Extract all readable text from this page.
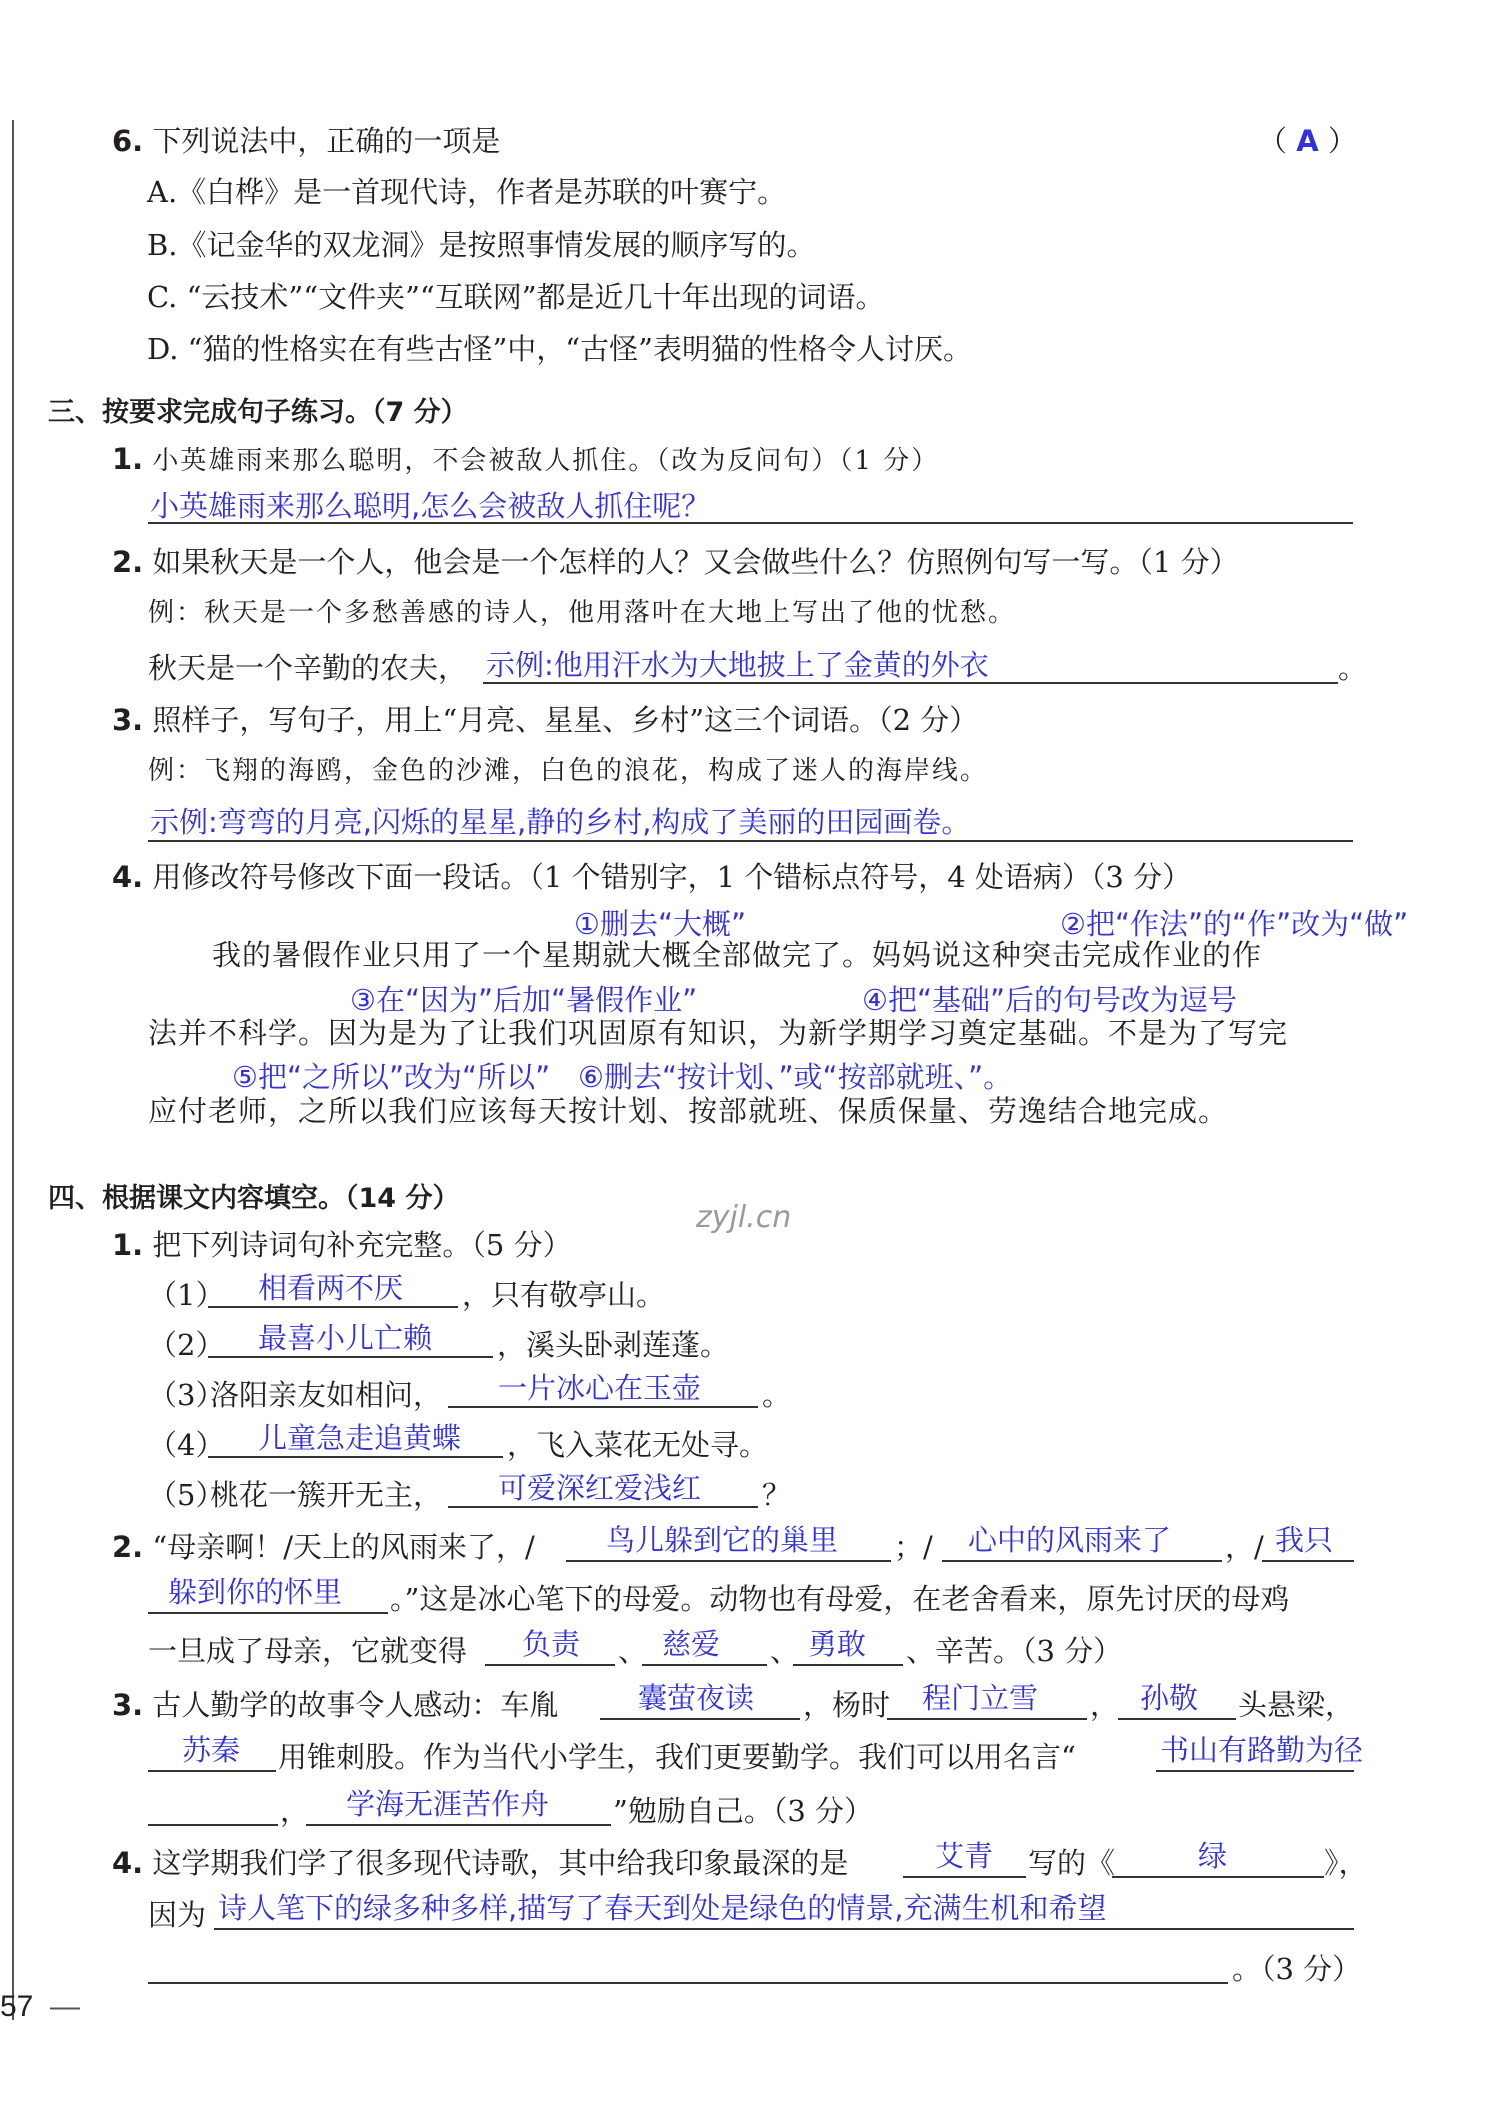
6. 下列说法中，正确的一项是	（ A ）
A.《白桦》是一首现代诗，作者是苏联的叶赛宁。
B.《记金华的双龙洞》是按照事情发展的顺序写的。
C. “云技术”“文件夹”“互联网”都是近几十年出现的词语。
D. “猫的性格实在有些古怪”中，“古怪”表明猫的性格令人讨厌。
三、按要求完成句子练习。（7 分）
1. 小英雄雨来那么聪明，不会被敌人抓住。（改为反问句）（1 分）
小英雄雨来那么聪明,怎么会被敌人抓住呢？
2. 如果秋天是一个人，他会是一个怎样的人？又会做些什么？仿照例句写一写。（1 分）
例：秋天是一个多愁善感的诗人，他用落叶在大地上写出了他的忧愁。
秋天是一个辛勤的农夫， 示例:他用汗水为大地披上了金黄的外衣	。
3. 照样子，写句子，用上“月亮、星星、乡村”这三个词语。（2 分）
例：飞翔的海鸥，金色的沙滩，白色的浪花，构成了迷人的海岸线。
示例:弯弯的月亮,闪烁的星星,静的乡村,构成了美丽的田园画卷。
4. 用修改符号修改下面一段话。（1 个错别字，1 个错标点符号，4 处语病）（3 分）
①删去“大概”	②把“作法”的“作”改为“做”
我的暑假作业只用了一个星期就大概全部做完了。妈妈说这种突击完成作业的作
③在“因为”后加“暑假作业”	④把“基础”后的句号改为逗号
法并不科学。因为是为了让我们巩固原有知识，为新学期学习奠定基础。不是为了写完
⑤把“之所以”改为“所以” ⑥删去“按计划、”或“按部就班、”。
应付老师，之所以我们应该每天按计划、按部就班、保质保量、劳逸结合地完成。
四、根据课文内容填空。（14 分）
zyjl.cn
1. 把下列诗词句补充完整。（5 分）
（1） 相看两不厌 ，只有敬亭山。
（2） 最喜小儿亡赖 ，溪头卧剥莲蓬。
（3）
洛阳亲友如相问， 一片冰心在玉壶 。
（4） 儿童急走追黄蝶 ，飞入菜花无处寻。
（5）
桃花一簇开无主， 可爱深红爱浅红 ？
2. “母亲啊！/天上的风雨来了，/ 鸟儿躲到它的巢里 ；/ 心中的风雨来了 ，/ 我只
躲到你的怀里 。”这是冰心笔下的母爱。动物也有母爱，在老舍看来，原先讨厌的母鸡
一旦成了母亲，它就变得 负责 、 慈爱 、 勇敢 、辛苦。（3 分）
3. 古人勤学的故事令人感动：车胤	囊萤夜读 ，杨时 程门立雪 ， 孙敬 头悬梁，
苏秦 用锥刺股。作为当代小学生，我们更要勤学。我们可以用名言“	书山有路勤为径
， 学海无涯苦作舟 ”勉励自己。（3 分）
4. 这学期我们学了很多现代诗歌，其中给我印象最深的是	艾青 写的《	绿	》，
因为 诗人笔下的绿多种多样,描写了春天到处是绿色的情景,充满生机和希望
。（3 分）
57 —
